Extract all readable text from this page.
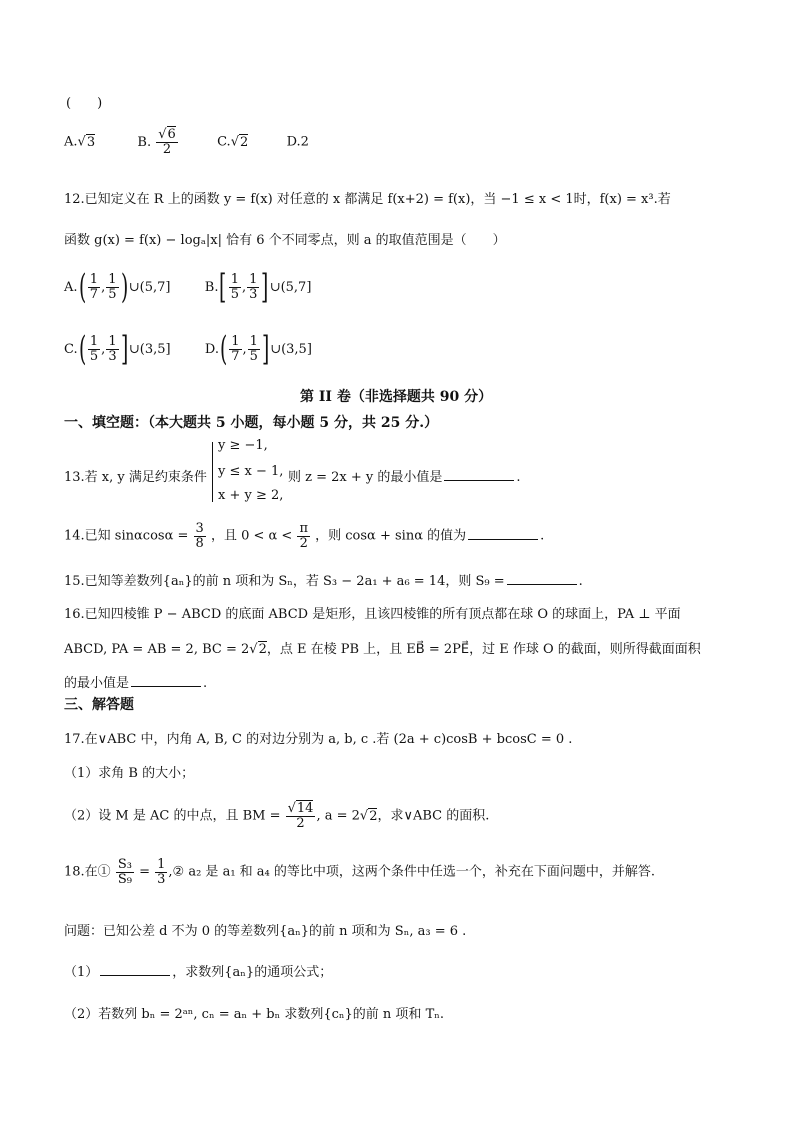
(　　)
A.√3	B. $\frac{√6}{2}$	C.√2	D.2
12.已知定义在 R 上的函数 y = f(x) 对任意的 x 都满足 f(x+2) = f(x)，当 −1 ≤ x < 1时，f(x) = x³.若
函数 g(x) = f(x) − logₐ|x| 恰有 6 个不同零点，则 a 的取值范围是（　　）
$A.( \frac{1}{7}$ , $\frac{1}{5}$ )∪(5,7]	$B.[ \frac{1}{5}$ , $\frac{1}{3}$ ]∪(5,7]
$C.( \frac{1}{5}$ , $\frac{1}{3}$ ]∪(3,5]	$D.( \frac{1}{7}$ , $\frac{1}{5}$ ]∪(3,5]
第 II 卷（非选择题共 90 分）
一、填空题：（本大题共 5 小题，每小题 5 分，共 25 分.）
13.若 x, y 满足约束条件
y ≥ −1,
y ≤ x − 1,
x + y ≥ 2,
则 z = 2x + y 的最小值是	.
14.已知 $\sin\alpha\cos\alpha = \frac{3}{8}$ ，且 $0 < \alpha < \frac{\pi}{2}$ ，则 cosα + sinα 的值为	.
15.已知等差数列{aₙ}的前 n 项和为 Sₙ，若 S₃ − 2a₁ + a₆ = 14，则 S₉ =	.
16.已知四棱锥 P − ABCD 的底面 ABCD 是矩形，且该四棱锥的所有顶点都在球 O 的球面上，PA ⊥ 平面
ABCD, PA = AB = 2, BC = 2√2，点 E 在棱 PB 上，且 EB⃗ = 2PE⃗，过 E 作球 O 的截面，则所得截面面积
的最小值是	.
三、解答题
17.在∨ABC 中，内角 A, B, C 的对边分别为 a, b, c .若 (2a + c)cosB + bcosC = 0 .
（1）求角 B 的大小；
（2）设 M 是 AC 的中点，且 BM = $\frac{√14}{2}$ , a = 2√2，求∨ABC 的面积.
18.在① $\frac{\text{S₃}}{\text{S₉}} = \frac{1}{3}$ ,② a₂ 是 a₁ 和 a₄ 的等比中项，这两个条件中任选一个，补充在下面问题中，并解答.
问题：已知公差 d 不为 0 的等差数列{aₙ}的前 n 项和为 Sₙ, a₃ = 6 .
（1）	，求数列{aₙ}的通项公式；
（2）若数列 bₙ = 2ᵃⁿ, cₙ = aₙ + bₙ 求数列{cₙ}的前 n 项和 Tₙ.
